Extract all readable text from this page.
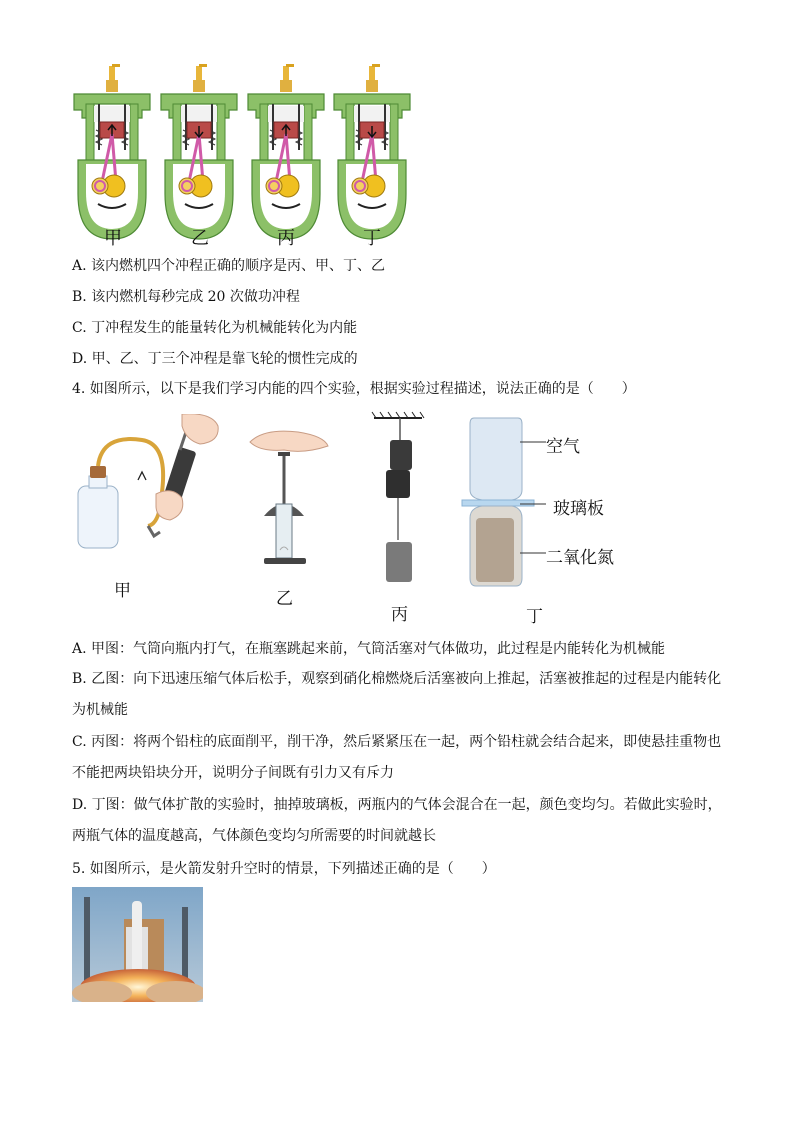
甲	乙	丙	丁
A. 该内燃机四个冲程正确的顺序是丙、甲、丁、乙
B. 该内燃机每秒完成 20 次做功冲程
C. 丁冲程发生的能量转化为机械能转化为内能
D. 甲、乙、丁三个冲程是靠飞轮的惯性完成的
4. 如图所示，以下是我们学习内能的四个实验，根据实验过程描述，说法正确的是（　　）
甲	乙
丙	丁
空气
玻璃板
二氧化氮
A. 甲图：气筒向瓶内打气，在瓶塞跳起来前，气筒活塞对气体做功，此过程是内能转化为机械能
B. 乙图：向下迅速压缩气体后松手，观察到硝化棉燃烧后活塞被向上推起，活塞被推起的过程是内能转化为机械能
C. 丙图：将两个铅柱的底面削平，削干净，然后紧紧压在一起，两个铅柱就会结合起来，即使悬挂重物也不能把两块铅块分开，说明分子间既有引力又有斥力
D. 丁图：做气体扩散的实验时，抽掉玻璃板，两瓶内的气体会混合在一起，颜色变均匀。若做此实验时，两瓶气体的温度越高，气体颜色变均匀所需要的时间就越长
5. 如图所示，是火箭发射升空时的情景，下列描述正确的是（　　）
